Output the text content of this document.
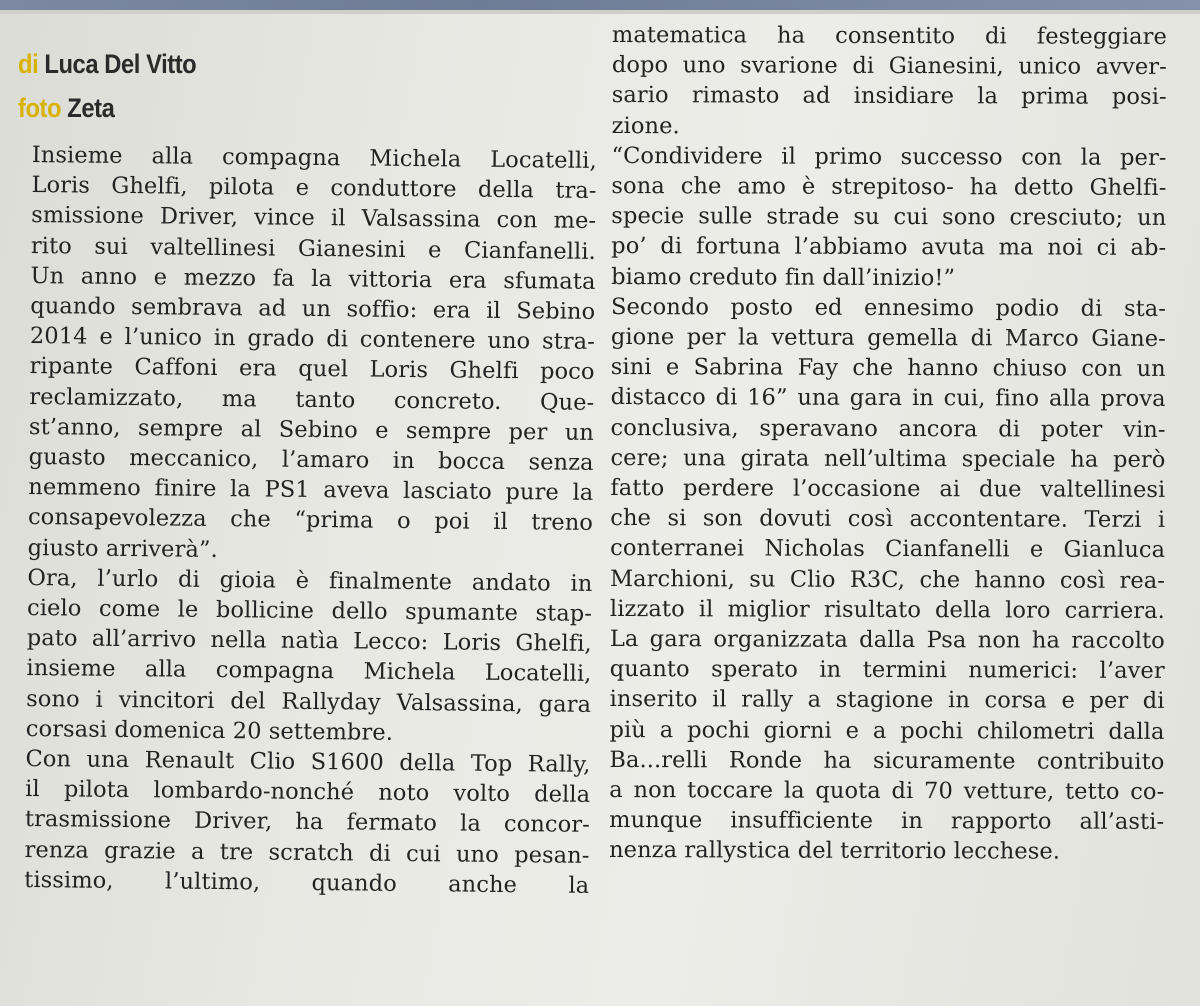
di Luca Del Vitto
foto Zeta
Insieme alla compagna Michela Locatelli,
Loris Ghelfi, pilota e conduttore della tra-
smissione Driver, vince il Valsassina con me-
rito sui valtellinesi Gianesini e Cianfanelli.
Un anno e mezzo fa la vittoria era sfumata
quando sembrava ad un soffio: era il Sebino
2014 e l’unico in grado di contenere uno stra-
ripante Caffoni era quel Loris Ghelfi poco
reclamizzato, ma tanto concreto. Que-
st’anno, sempre al Sebino e sempre per un
guasto meccanico, l’amaro in bocca senza
nemmeno finire la PS1 aveva lasciato pure la
consapevolezza che “prima o poi il treno
giusto arriverà”.
Ora, l’urlo di gioia è finalmente andato in
cielo come le bollicine dello spumante stap-
pato all’arrivo nella natìa Lecco: Loris Ghelfi,
insieme alla compagna Michela Locatelli,
sono i vincitori del Rallyday Valsassina, gara
corsasi domenica 20 settembre.
Con una Renault Clio S1600 della Top Rally,
il pilota lombardo-nonché noto volto della
trasmissione Driver, ha fermato la concor-
renza grazie a tre scratch di cui uno pesan-
tissimo, l’ultimo, quando anche la
matematica ha consentito di festeggiare
dopo uno svarione di Gianesini, unico avver-
sario rimasto ad insidiare la prima posi-
zione.
“Condividere il primo successo con la per-
sona che amo è strepitoso- ha detto Ghelfi-
specie sulle strade su cui sono cresciuto; un
po’ di fortuna l’abbiamo avuta ma noi ci ab-
biamo creduto fin dall’inizio!”
Secondo posto ed ennesimo podio di sta-
gione per la vettura gemella di Marco Giane-
sini e Sabrina Fay che hanno chiuso con un
distacco di 16” una gara in cui, fino alla prova
conclusiva, speravano ancora di poter vin-
cere; una girata nell’ultima speciale ha però
fatto perdere l’occasione ai due valtellinesi
che si son dovuti così accontentare. Terzi i
conterranei Nicholas Cianfanelli e Gianluca
Marchioni, su Clio R3C, che hanno così rea-
lizzato il miglior risultato della loro carriera.
La gara organizzata dalla Psa non ha raccolto
quanto sperato in termini numerici: l’aver
inserito il rally a stagione in corsa e per di
più a pochi giorni e a pochi chilometri dalla
Ba...relli Ronde ha sicuramente contribuito
a non toccare la quota di 70 vetture, tetto co-
munque insufficiente in rapporto all’asti-
nenza rallystica del territorio lecchese.
